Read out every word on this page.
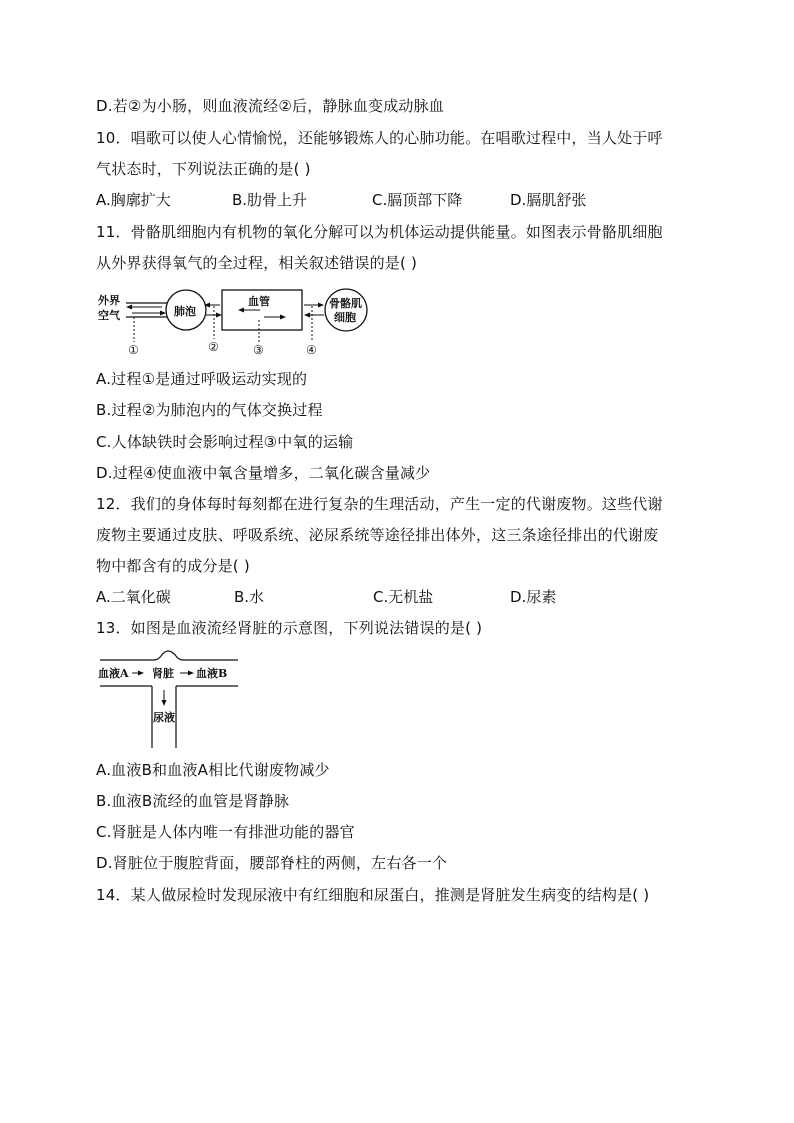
D.若②为小肠，则血液流经②后，静脉血变成动脉血
10．唱歌可以使人心情愉悦，还能够锻炼人的心肺功能。在唱歌过程中，当人处于呼
气状态时，下列说法正确的是( )
A.胸廓扩大	B.肋骨上升	C.膈顶部下降	D.膈肌舒张
11．骨骼肌细胞内有机物的氧化分解可以为机体运动提供能量。如图表示骨骼肌细胞
从外界获得氧气的全过程，相关叙述错误的是( )
外界
空气	肺泡
血管	骨骼肌
细胞
①	②	③	④
A.过程①是通过呼吸运动实现的
B.过程②为肺泡内的气体交换过程
C.人体缺铁时会影响过程③中氧的运输
D.过程④使血液中氧含量增多，二氧化碳含量减少
12．我们的身体每时每刻都在进行复杂的生理活动，产生一定的代谢废物。这些代谢
废物主要通过皮肤、呼吸系统、泌尿系统等途径排出体外，这三条途径排出的代谢废
物中都含有的成分是( )
A.二氧化碳	B.水	C.无机盐	D.尿素
13．如图是血液流经肾脏的示意图，下列说法错误的是( )
血液A 肾脏 血液B
尿液
A.血液B和血液A相比代谢废物减少
B.血液B流经的血管是肾静脉
C.肾脏是人体内唯一有排泄功能的器官
D.肾脏位于腹腔背面，腰部脊柱的两侧，左右各一个
14．某人做尿检时发现尿液中有红细胞和尿蛋白，推测是肾脏发生病变的结构是( )
